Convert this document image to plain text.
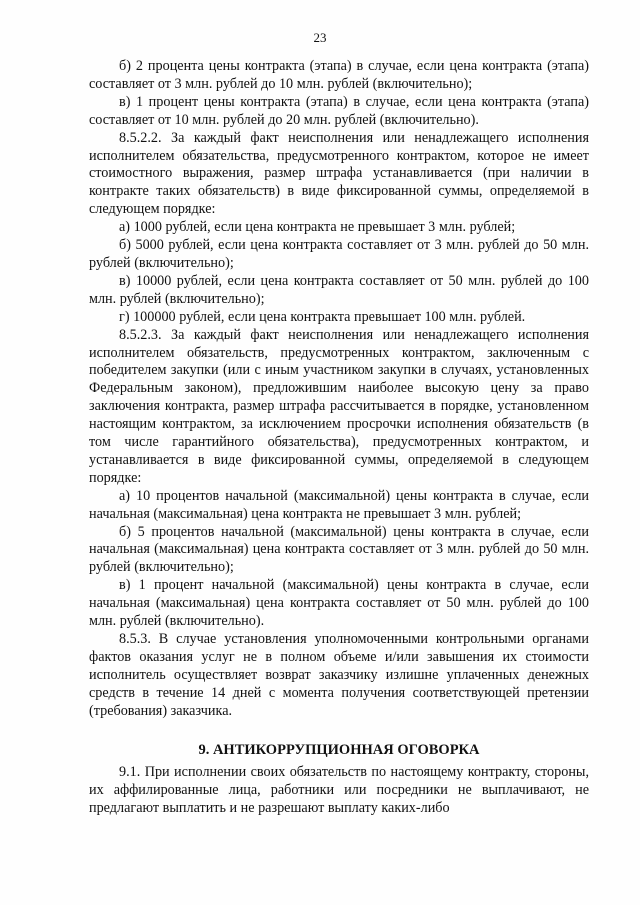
23

б) 2 процента цены контракта (этапа) в случае, если цена контракта (этапа) составляет от 3 млн. рублей до 10 млн. рублей (включительно);

в) 1 процент цены контракта (этапа) в случае, если цена контракта (этапа) составляет от 10 млн. рублей до 20 млн. рублей (включительно).

8.5.2.2. За каждый факт неисполнения или ненадлежащего исполнения исполнителем обязательства, предусмотренного контрактом, которое не имеет стоимостного выражения, размер штрафа устанавливается (при наличии в контракте таких обязательств) в виде фиксированной суммы, определяемой в следующем порядке:

а) 1000 рублей, если цена контракта не превышает 3 млн. рублей;

б) 5000 рублей, если цена контракта составляет от 3 млн. рублей до 50 млн. рублей (включительно);

в) 10000 рублей, если цена контракта составляет от 50 млн. рублей до 100 млн. рублей (включительно);

г) 100000 рублей, если цена контракта превышает 100 млн. рублей.

8.5.2.3. За каждый факт неисполнения или ненадлежащего исполнения исполнителем обязательств, предусмотренных контрактом, заключенным с победителем закупки (или с иным участником закупки в случаях, установленных Федеральным законом), предложившим наиболее высокую цену за право заключения контракта, размер штрафа рассчитывается в порядке, установленном настоящим контрактом, за исключением просрочки исполнения обязательств (в том числе гарантийного обязательства), предусмотренных контрактом, и устанавливается в виде фиксированной суммы, определяемой в следующем порядке:

а) 10 процентов начальной (максимальной) цены контракта в случае, если начальная (максимальная) цена контракта не превышает 3 млн. рублей;

б) 5 процентов начальной (максимальной) цены контракта в случае, если начальная (максимальная) цена контракта составляет от 3 млн. рублей до 50 млн. рублей (включительно);

в) 1 процент начальной (максимальной) цены контракта в случае, если начальная (максимальная) цена контракта составляет от 50 млн. рублей до 100 млн. рублей (включительно).

8.5.3. В случае установления уполномоченными контрольными органами фактов оказания услуг не в полном объеме и/или завышения их стоимости исполнитель осуществляет возврат заказчику излишне уплаченных денежных средств в течение 14 дней с момента получения соответствующей претензии (требования) заказчика.

9. АНТИКОРРУПЦИОННАЯ ОГОВОРКА

9.1. При исполнении своих обязательств по настоящему контракту, стороны, их аффилированные лица, работники или посредники не выплачивают, не предлагают выплатить и не разрешают выплату каких-либо
